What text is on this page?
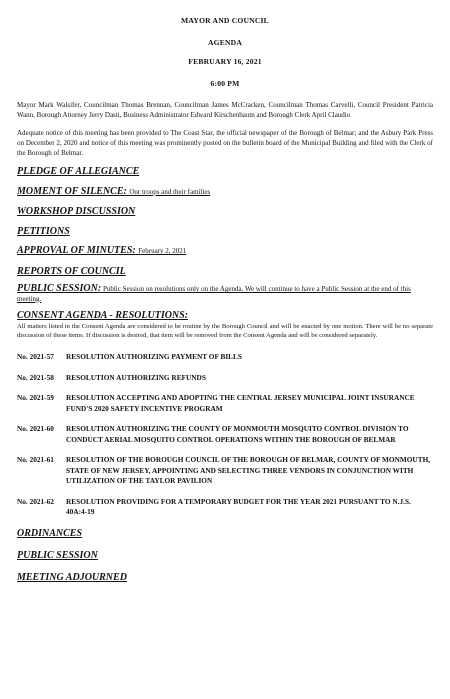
MAYOR AND COUNCIL
AGENDA
FEBRUARY 16, 2021
6:00 PM
Mayor Mark Walsifer, Councilman Thomas Brennan, Councilman James McCracken, Councilman Thomas Carvelli, Council President Patricia Wann, Borough Attorney Jerry Dasti, Business Administrator Edward Kirschenbaum and Borough Clerk April Claudio
Adequate notice of this meeting has been provided to The Coast Star, the official newspaper of the Borough of Belmar; and the Asbury Park Press on December 2, 2020 and notice of this meeting was prominently posted on the bulletin board of the Municipal Building and filed with the Clerk of the Borough of Belmar.
PLEDGE OF ALLEGIANCE
MOMENT OF SILENCE: Our troops and their families
WORKSHOP DISCUSSION
PETITIONS
APPROVAL OF MINUTES: February 2, 2021
REPORTS OF COUNCIL
PUBLIC SESSION: Public Session on resolutions only on the Agenda. We will continue to have a Public Session at the end of this meeting.
CONSENT AGENDA - RESOLUTIONS:
All matters listed in the Consent Agenda are considered to be routine by the Borough Council and will be enacted by one motion. There will be no separate discussion of these items. If discussion is desired, that item will be removed from the Consent Agenda and will be considered separately.
No. 2021-57	RESOLUTION AUTHORIZING PAYMENT OF BILLS
No. 2021-58	RESOLUTION AUTHORIZING REFUNDS
No. 2021-59	RESOLUTION ACCEPTING AND ADOPTING THE CENTRAL JERSEY MUNICIPAL JOINT INSURANCE FUND'S 2020 SAFETY INCENTIVE PROGRAM
No. 2021-60	RESOLUTION AUTHORIZING THE COUNTY OF MONMOUTH MOSQUITO CONTROL DIVISION TO CONDUCT AERIAL MOSQUITO CONTROL OPERATIONS WITHIN THE BOROUGH OF BELMAR
No. 2021-61	RESOLUTION OF THE BOROUGH COUNCIL OF THE BOROUGH OF BELMAR, COUNTY OF MONMOUTH, STATE OF NEW JERSEY, APPOINTING AND SELECTING THREE VENDORS IN CONJUNCTION WITH UTILIZATION OF THE TAYLOR PAVILION
No. 2021-62	RESOLUTION PROVIDING FOR A TEMPORARY BUDGET FOR THE YEAR 2021 PURSUANT TO N.J.S. 40A:4-19
ORDINANCES
PUBLIC SESSION
MEETING ADJOURNED
